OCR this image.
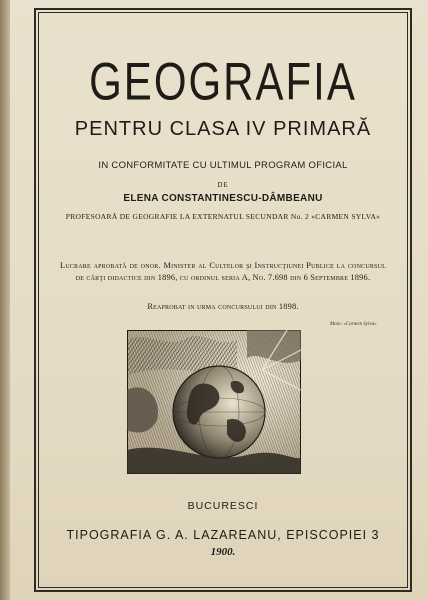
GEOGRAFIA
PENTRU CLASA IV PRIMARĂ
IN CONFORMITATE CU ULTIMUL PROGRAM OFICIAL
DE
ELENA CONSTANTINESCU-DÂMBEANU
PROFESOARĂ DE GEOGRAFIE LA EXTERNATUL SECUNDAR No. 2 «CARMEN SYLVA»
Lucrare aprobată de onor. Minister al Cultelor şi Instrucţiunei Publice la concursul de cărţi didactice din 1896, cu ordinul seria A, No. 7.698 din 6 Septembre 1896.
Reaprobat in urma concursului din 1898.
Moto: «Carmen Sylva»
BUCURESCI
TIPOGRAFIA G. A. LAZAREANU, EPISCOPIEI 3
1900.
